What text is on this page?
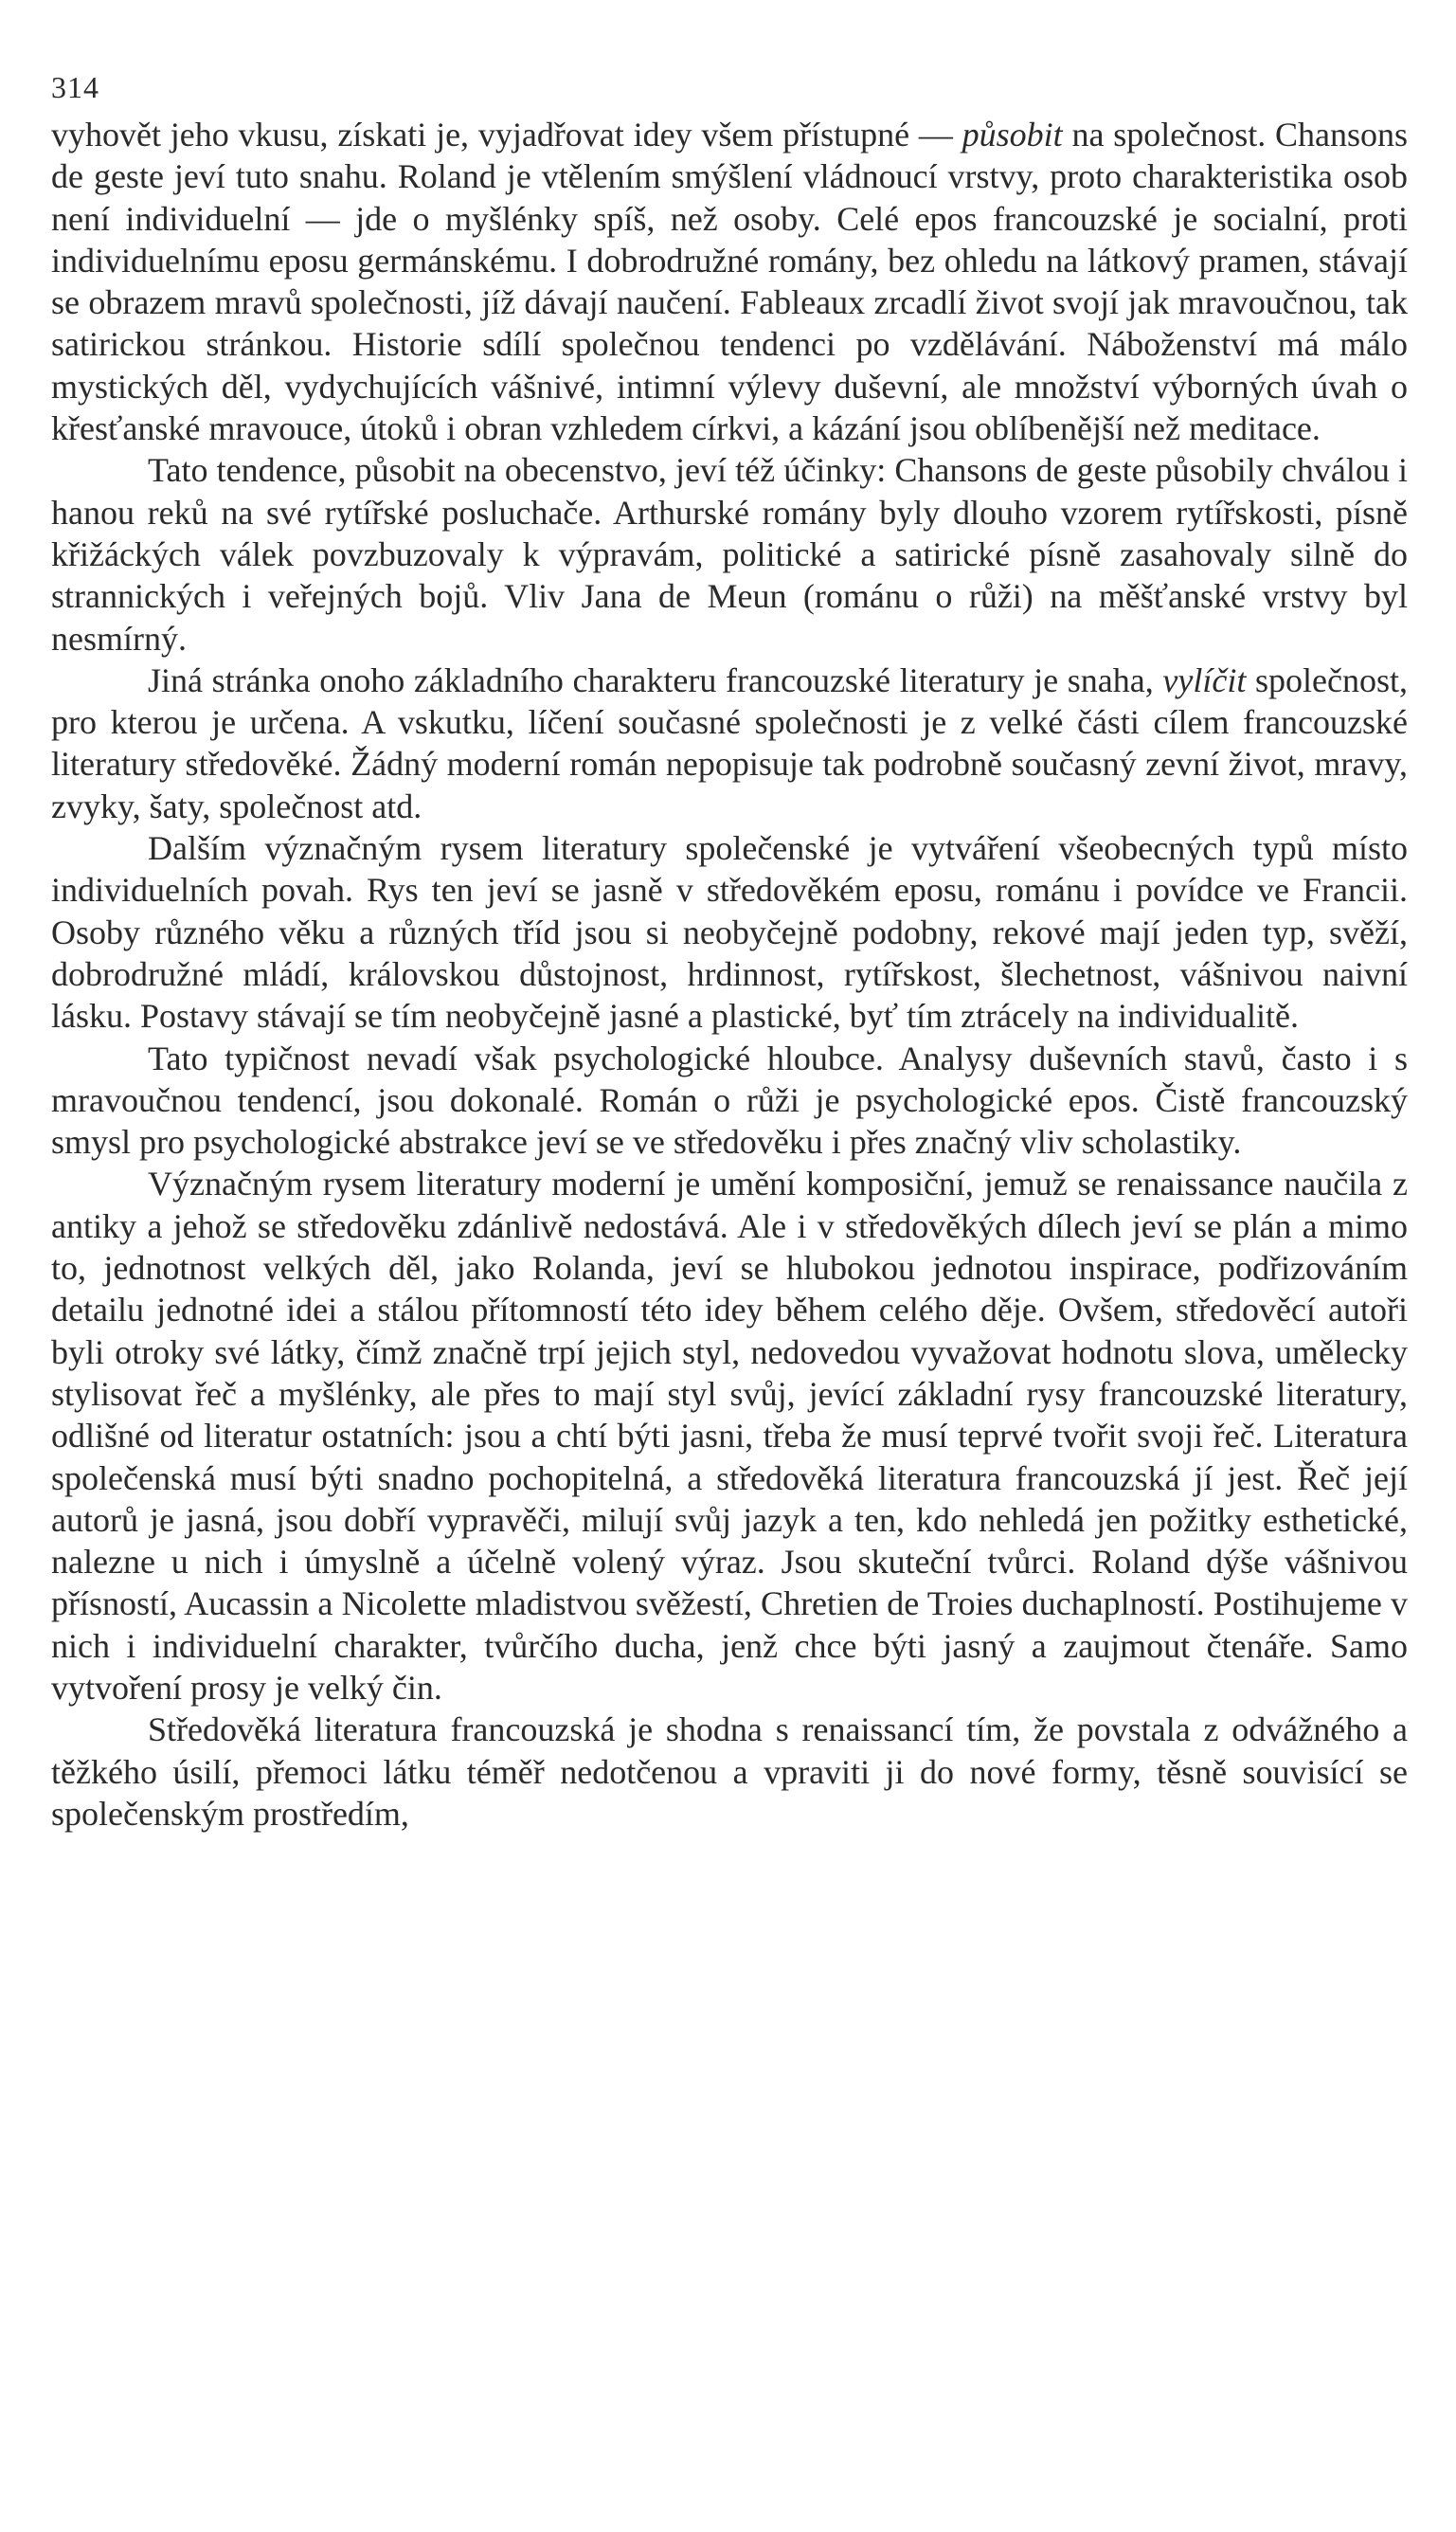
314

vyhovět jeho vkusu, získati je, vyjadřovat idey všem přístupné — působit na společnost. Chansons de geste jeví tuto snahu. Roland je vtělením smýšlení vládnoucí vrstvy, proto charakteristika osob není individuelní — jde o myšlénky spíš, než osoby. Celé epos francouzské je socialní, proti individuelnímu eposu germánskému. I dobrodružné romány, bez ohledu na látkový pramen, stávají se obrazem mravů společnosti, jíž dávají naučení. Fableaux zrcadlí život svojí jak mravoučnou, tak satirickou stránkou. Historie sdílí společnou tendenci po vzdělávání. Náboženství má málo mystických děl, vydychujících vášnivé, intimní výlevy duševní, ale množství výborných úvah o křesťanské mravouce, útoků i obran vzhledem církvi, a kázání jsou oblíbenější než meditace.

Tato tendence, působit na obecenstvo, jeví též účinky: Chansons de geste působily chválou i hanou reků na své rytířské posluchače. Arthurské romány byly dlouho vzorem rytířskosti, písně křižáckých válek povzbuzovaly k výpravám, politické a satirické písně zasahovaly silně do strannických i veřejných bojů. Vliv Jana de Meun (románu o růži) na měšťanské vrstvy byl nesmírný.

Jiná stránka onoho základního charakteru francouzské literatury je snaha, vylíčit společnost, pro kterou je určena. A vskutku, líčení současné společnosti je z velké části cílem francouzské literatury středověké. Žádný moderní román nepopisuje tak podrobně současný zevní život, mravy, zvyky, šaty, společnost atd.

Dalším význačným rysem literatury společenské je vytváření všeobecných typů místo individuelních povah. Rys ten jeví se jasně v středověkém eposu, románu i povídce ve Francii. Osoby různého věku a různých tříd jsou si neobyčejně podobny, rekové mají jeden typ, svěží, dobrodružné mládí, královskou důstojnost, hrdinnost, rytířskost, šlechetnost, vášnivou naivní lásku. Postavy stávají se tím neobyčejně jasné a plastické, byť tím ztrácely na individualitě.

Tato typičnost nevadí však psychologické hloubce. Analysy duševních stavů, často i s mravoučnou tendencí, jsou dokonalé. Román o růži je psychologické epos. Čistě francouzský smysl pro psychologické abstrakce jeví se ve středověku i přes značný vliv scholastiky.

Význačným rysem literatury moderní je umění komposiční, jemuž se renaissance naučila z antiky a jehož se středověku zdánlivě nedostává. Ale i v středověkých dílech jeví se plán a mimo to, jednotnost velkých děl, jako Rolanda, jeví se hlubokou jednotou inspirace, podřizováním detailu jednotné idei a stálou přítomností této idey během celého děje. Ovšem, středověcí autoři byli otroky své látky, čímž značně trpí jejich styl, nedovedou vyvažovat hodnotu slova, umělecky stylisovat řeč a myšlénky, ale přes to mají styl svůj, jevící základní rysy francouzské literatury, odlišné od literatur ostatních: jsou a chtí býti jasni, třeba že musí teprvé tvořit svoji řeč. Literatura společenská musí býti snadno pochopitelná, a středověká literatura francouzská jí jest. Řeč její autorů je jasná, jsou dobří vypravěči, milují svůj jazyk a ten, kdo nehledá jen požitky esthetické, nalezne u nich i úmyslně a účelně volený výraz. Jsou skuteční tvůrci. Roland dýše vášnivou přísností, Aucassin a Nicolette mladistvou svěžestí, Chretien de Troies duchaplností. Postihujeme v nich i individuelní charakter, tvůrčího ducha, jenž chce býti jasný a zaujmout čtenáře. Samo vytvoření prosy je velký čin.

Středověká literatura francouzská je shodna s renaissancí tím, že povstala z odvážného a těžkého úsilí, přemoci látku téměř nedotčenou a vpraviti ji do nové formy, těsně souvisící se společenským prostředím,
